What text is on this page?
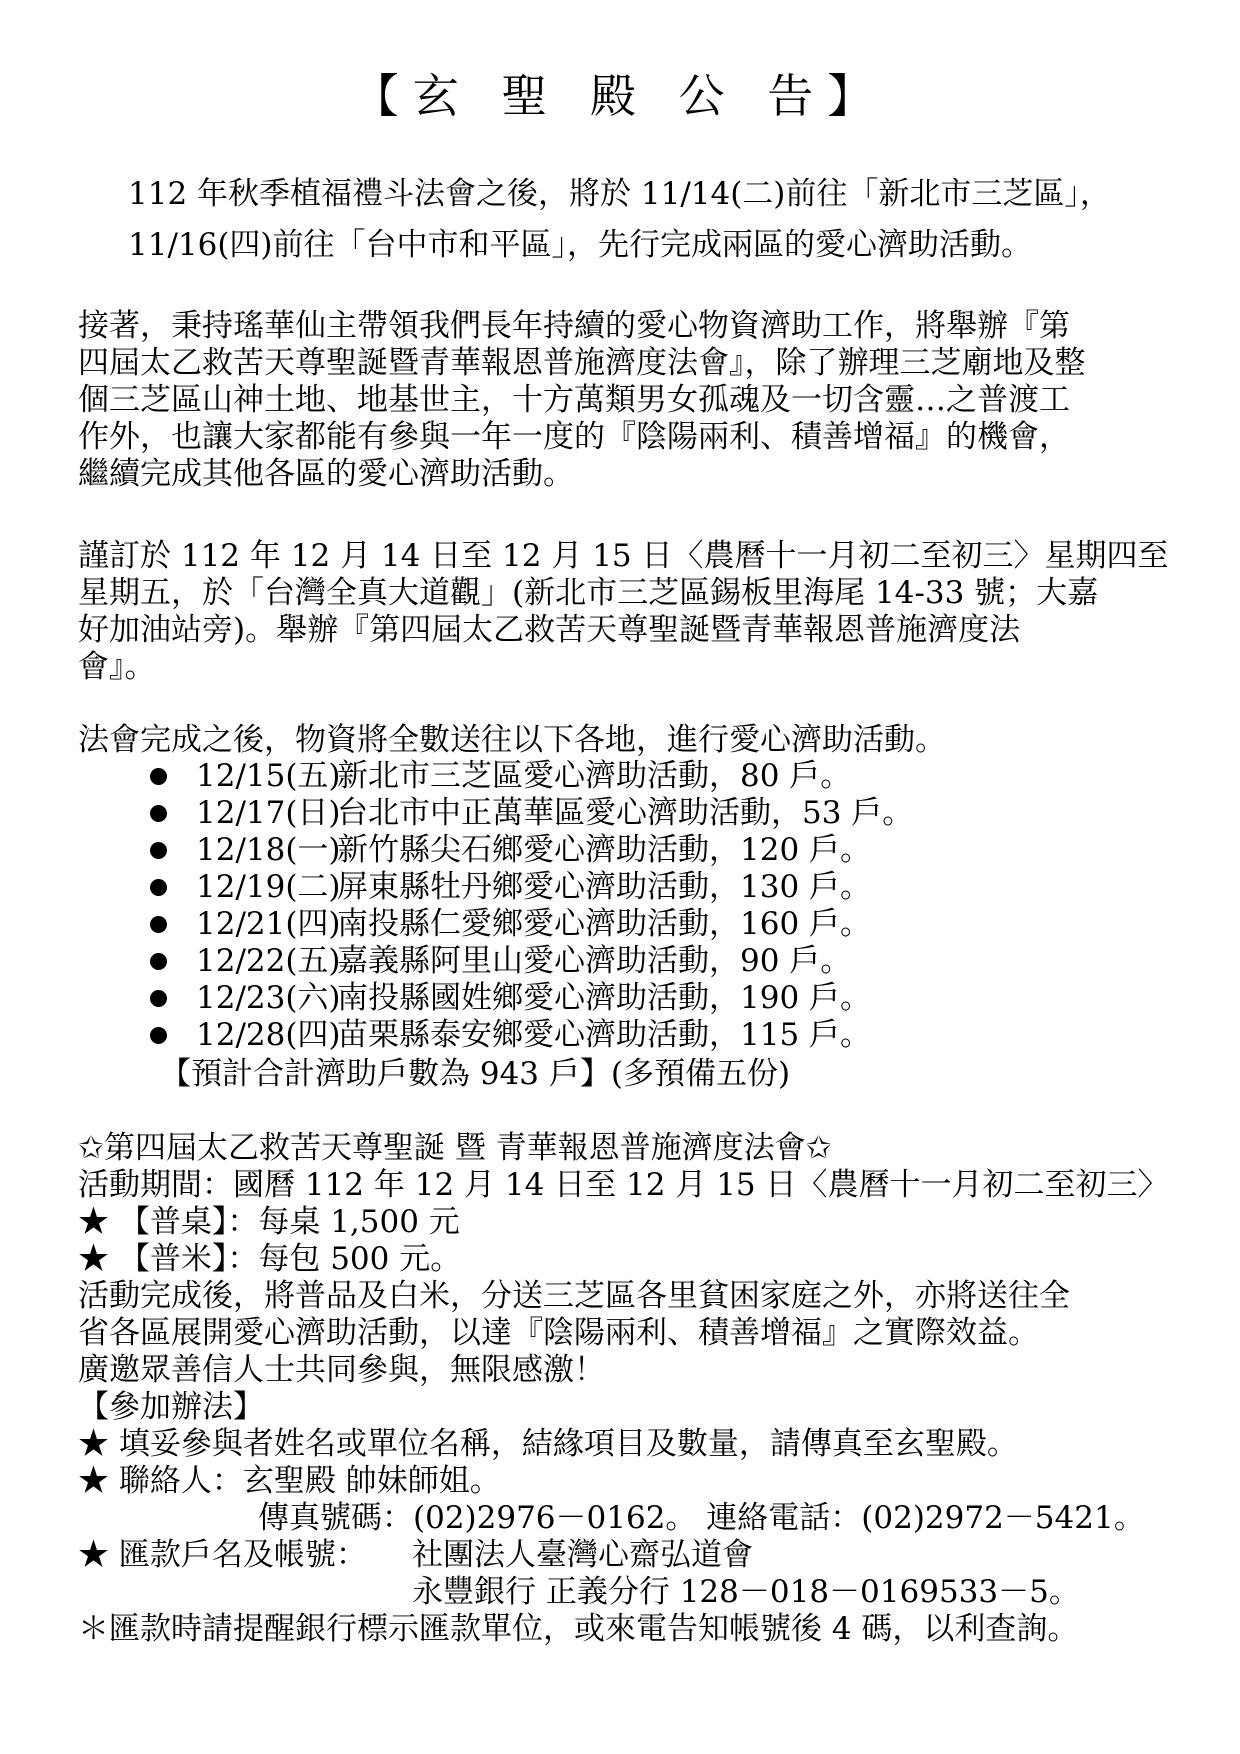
【玄 聖 殿 公 告】

112 年秋季植福禮斗法會之後，將於 11/14(二)前往「新北市三芝區」，
11/16(四)前往「台中市和平區」，先行完成兩區的愛心濟助活動。

接著，秉持瑤華仙主帶領我們長年持續的愛心物資濟助工作，將舉辦『第
四屆太乙救苦天尊聖誕暨青華報恩普施濟度法會』，除了辦理三芝廟地及整
個三芝區山神土地、地基世主，十方萬類男女孤魂及一切含靈…之普渡工
作外，也讓大家都能有參與一年一度的『陰陽兩利、積善增福』的機會，
繼續完成其他各區的愛心濟助活動。

謹訂於 112 年 12 月 14 日至 12 月 15 日〈農曆十一月初二至初三〉星期四至
星期五，於「台灣全真大道觀」(新北市三芝區錫板里海尾 14-33 號；大嘉
好加油站旁)。舉辦『第四屆太乙救苦天尊聖誕暨青華報恩普施濟度法
會』。

法會完成之後，物資將全數送往以下各地，進行愛心濟助活動。

12/15(五)新北市三芝區愛心濟助活動，80 戶。
12/17(日)台北市中正萬華區愛心濟助活動，53 戶。
12/18(一)新竹縣尖石鄉愛心濟助活動，120 戶。
12/19(二)屏東縣牡丹鄉愛心濟助活動，130 戶。
12/21(四)南投縣仁愛鄉愛心濟助活動，160 戶。
12/22(五)嘉義縣阿里山愛心濟助活動，90 戶。
12/23(六)南投縣國姓鄉愛心濟助活動，190 戶。
12/28(四)苗栗縣泰安鄉愛心濟助活動，115 戶。

【預計合計濟助戶數為 943 戶】(多預備五份)

✩第四屆太乙救苦天尊聖誕 暨 青華報恩普施濟度法會✩

活動期間：國曆 112 年 12 月 14 日至 12 月 15 日〈農曆十一月初二至初三〉

★ 【普桌】：每桌 1,500 元

★ 【普米】：每包 500 元。

活動完成後，將普品及白米，分送三芝區各里貧困家庭之外，亦將送往全

省各區展開愛心濟助活動，以達『陰陽兩利、積善增福』之實際效益。

廣邀眾善信人士共同參與，無限感激！

【參加辦法】

★ 填妥參與者姓名或單位名稱，結緣項目及數量，請傳真至玄聖殿。

★ 聯絡人：玄聖殿 帥妹師姐。

傳真號碼：(02)2976－0162。 連絡電話：(02)2972－5421。

★ 匯款戶名及帳號： 社團法人臺灣心齋弘道會

永豐銀行 正義分行 128－018－0169533－5。

＊匯款時請提醒銀行標示匯款單位，或來電告知帳號後 4 碼，以利查詢。
